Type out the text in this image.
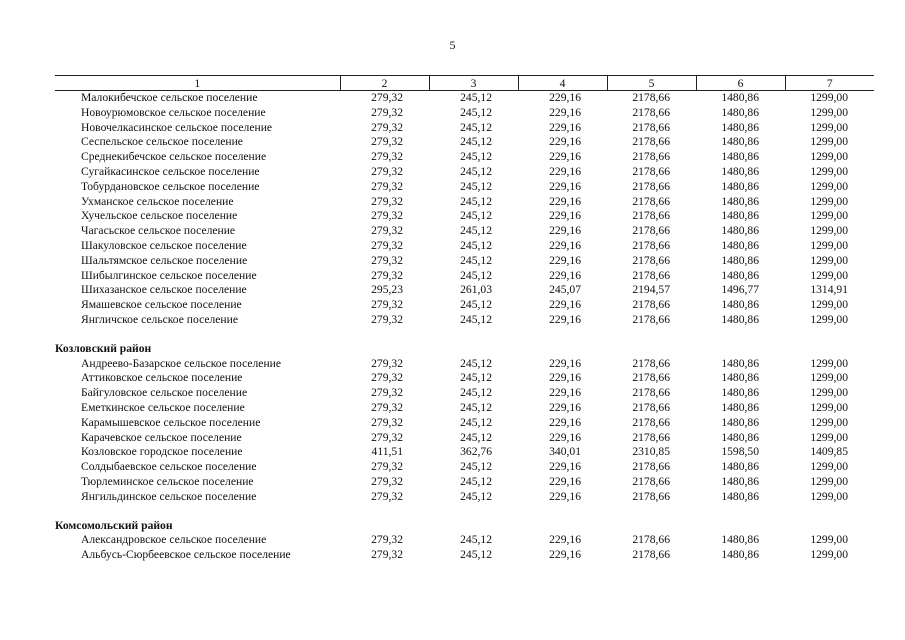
5
1	2	3	4	5	6	7
Малокибечское сельское поселение	279,32	245,12	229,16	2178,66	1480,86	1299,00
Новоурюмовское сельское поселение	279,32	245,12	229,16	2178,66	1480,86	1299,00
Новочелкасинское сельское поселение	279,32	245,12	229,16	2178,66	1480,86	1299,00
Сеспельское сельское поселение	279,32	245,12	229,16	2178,66	1480,86	1299,00
Среднекибечское сельское поселение	279,32	245,12	229,16	2178,66	1480,86	1299,00
Сугайкасинское сельское поселение	279,32	245,12	229,16	2178,66	1480,86	1299,00
Тобурдановское сельское поселение	279,32	245,12	229,16	2178,66	1480,86	1299,00
Ухманское сельское поселение	279,32	245,12	229,16	2178,66	1480,86	1299,00
Хучельское сельское поселение	279,32	245,12	229,16	2178,66	1480,86	1299,00
Чагасьское сельское поселение	279,32	245,12	229,16	2178,66	1480,86	1299,00
Шакуловское сельское поселение	279,32	245,12	229,16	2178,66	1480,86	1299,00
Шальтямское сельское поселение	279,32	245,12	229,16	2178,66	1480,86	1299,00
Шибылгинское сельское поселение	279,32	245,12	229,16	2178,66	1480,86	1299,00
Шихазанское сельское поселение	295,23	261,03	245,07	2194,57	1496,77	1314,91
Ямашевское сельское поселение	279,32	245,12	229,16	2178,66	1480,86	1299,00
Янгличское сельское поселение	279,32	245,12	229,16	2178,66	1480,86	1299,00

Козловский район						
Андреево-Базарское сельское поселение	279,32	245,12	229,16	2178,66	1480,86	1299,00
Аттиковское сельское поселение	279,32	245,12	229,16	2178,66	1480,86	1299,00
Байгуловское сельское поселение	279,32	245,12	229,16	2178,66	1480,86	1299,00
Еметкинское сельское поселение	279,32	245,12	229,16	2178,66	1480,86	1299,00
Карамышевское сельское поселение	279,32	245,12	229,16	2178,66	1480,86	1299,00
Карачевское сельское поселение	279,32	245,12	229,16	2178,66	1480,86	1299,00
Козловское городское поселение	411,51	362,76	340,01	2310,85	1598,50	1409,85
Солдыбаевское сельское поселение	279,32	245,12	229,16	2178,66	1480,86	1299,00
Тюрлеминское сельское поселение	279,32	245,12	229,16	2178,66	1480,86	1299,00
Янгильдинское сельское поселение	279,32	245,12	229,16	2178,66	1480,86	1299,00

Комсомольский район						
Александровское сельское поселение	279,32	245,12	229,16	2178,66	1480,86	1299,00
Альбусь-Сюрбеевское сельское поселение	279,32	245,12	229,16	2178,66	1480,86	1299,00
